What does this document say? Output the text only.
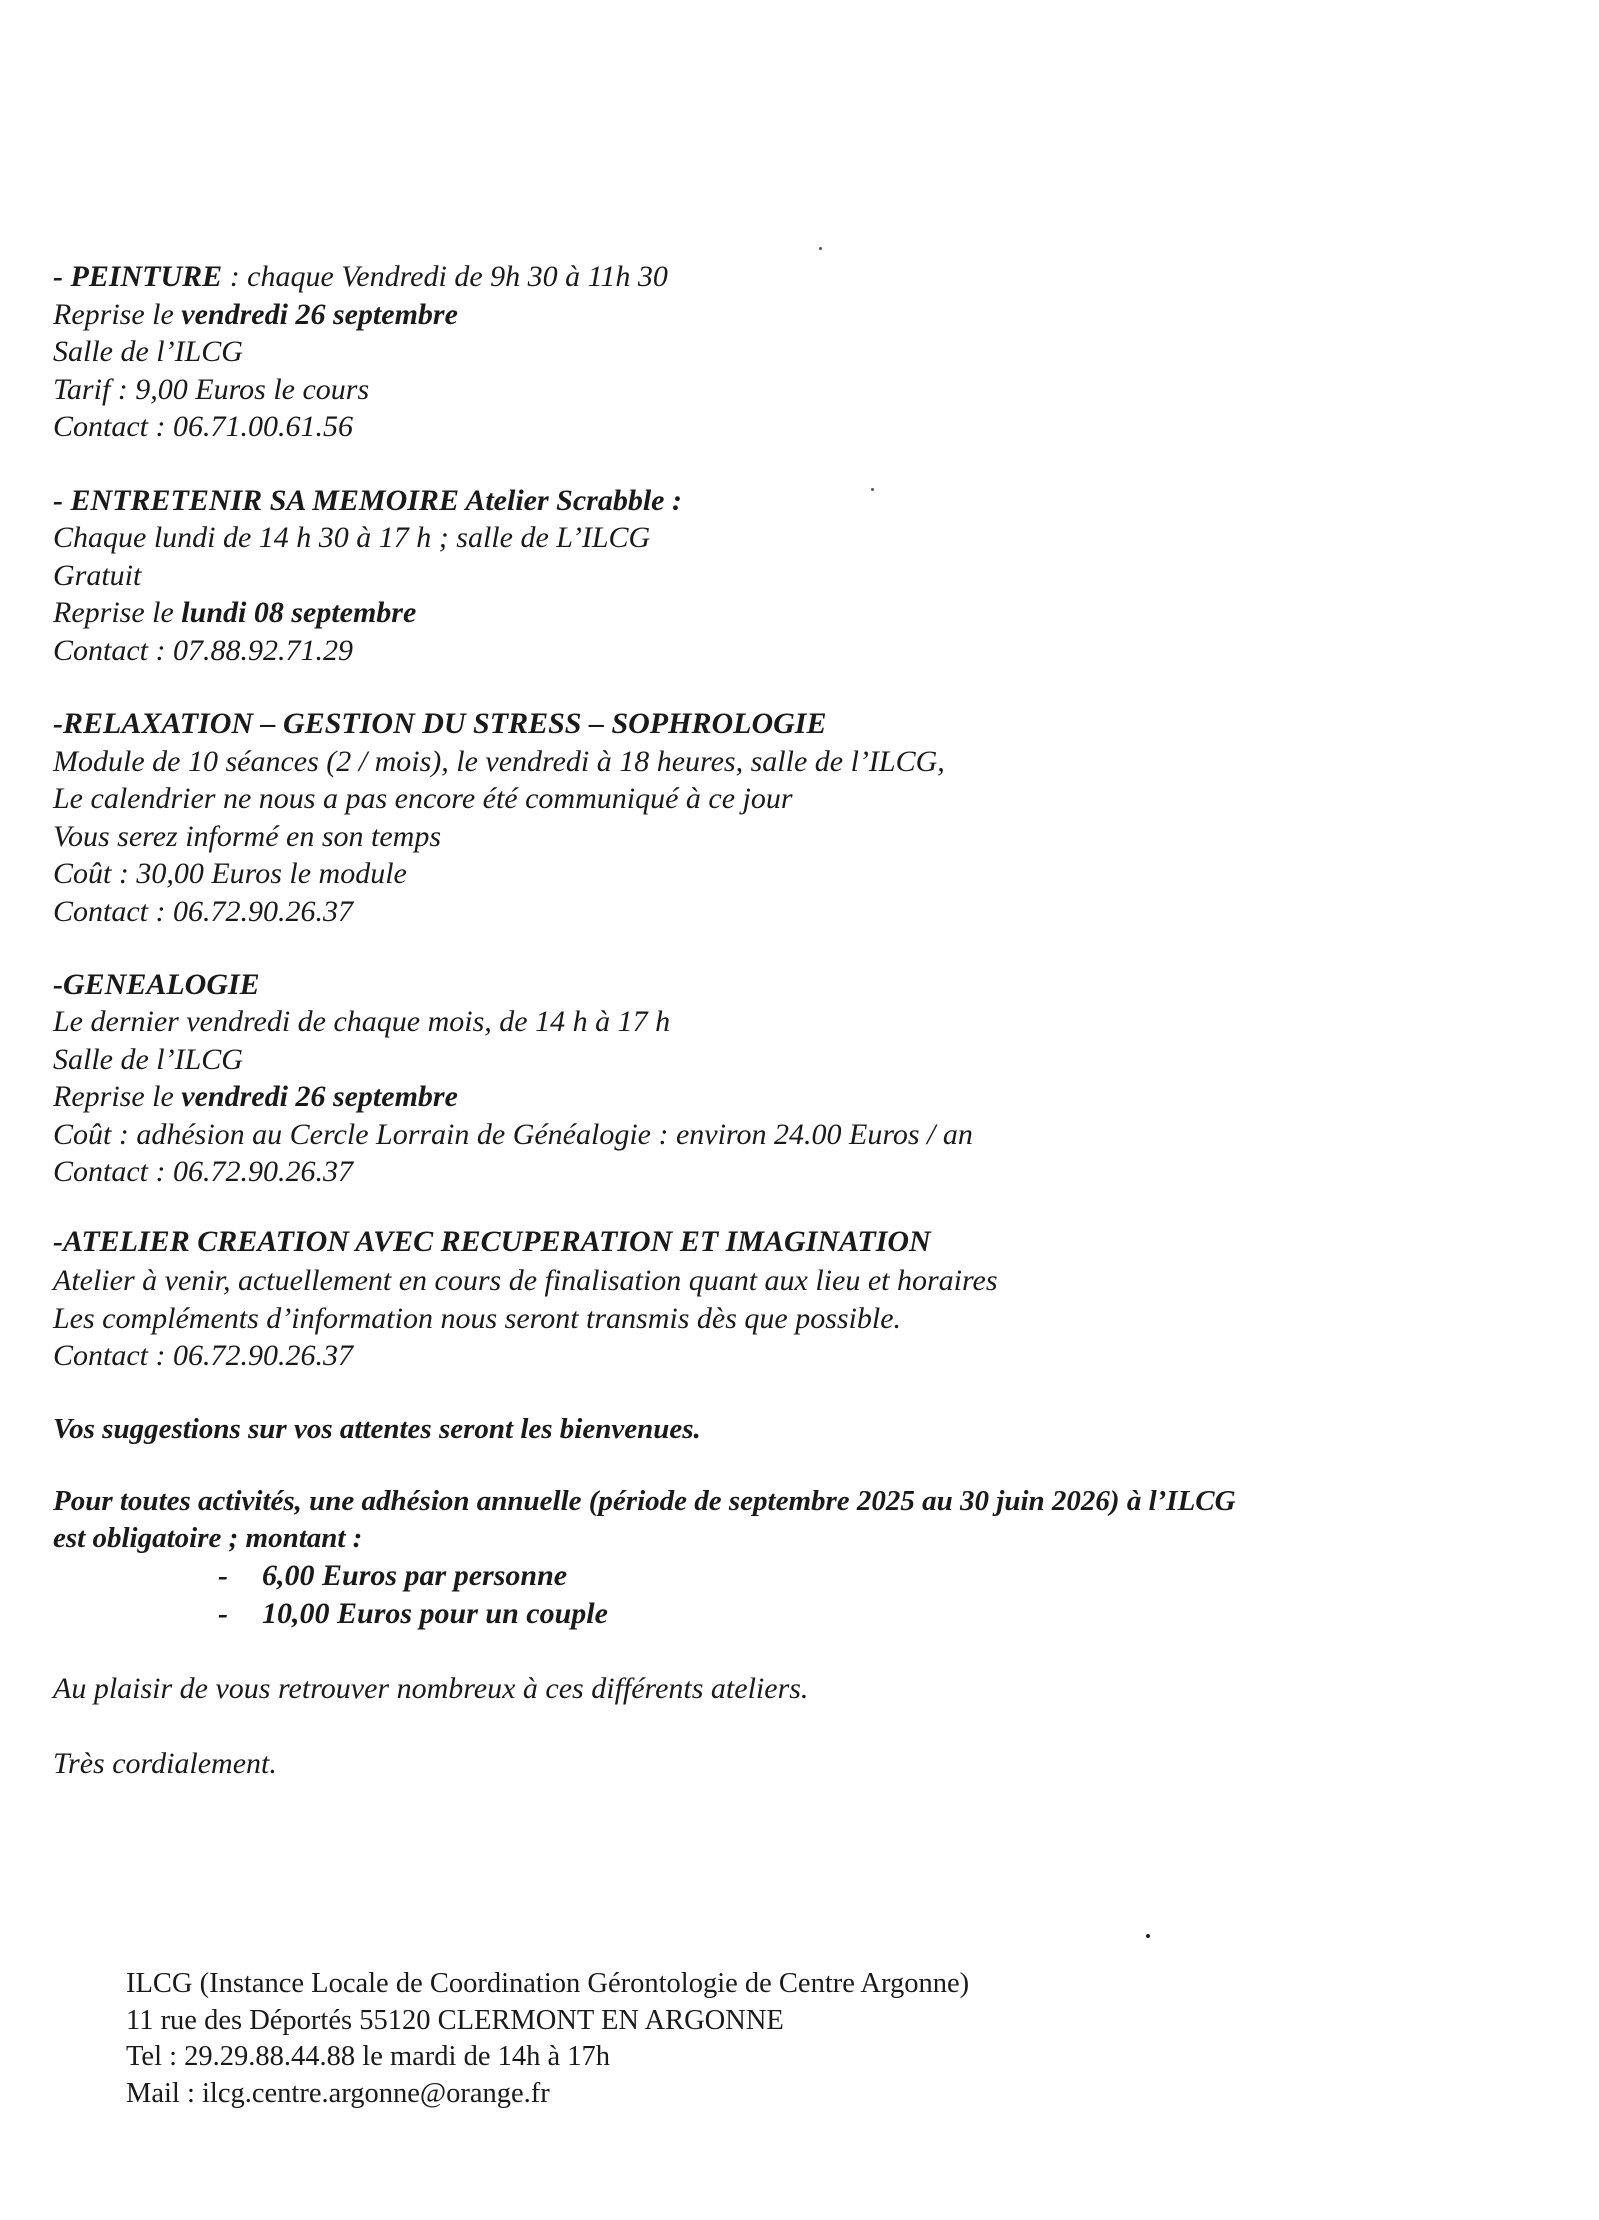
- PEINTURE : chaque Vendredi de 9h 30 à 11h 30
Reprise le vendredi 26 septembre
Salle de l’ILCG
Tarif : 9,00 Euros le cours
Contact : 06.71.00.61.56
- ENTRETENIR SA MEMOIRE Atelier Scrabble :
Chaque lundi de 14 h 30 à 17 h ; salle de L’ILCG
Gratuit
Reprise le lundi 08 septembre
Contact : 07.88.92.71.29
-RELAXATION – GESTION DU STRESS – SOPHROLOGIE
Module de 10 séances (2 / mois), le vendredi à 18 heures, salle de l’ILCG,
Le calendrier ne nous a pas encore été communiqué à ce jour
Vous serez informé en son temps
Coût : 30,00 Euros le module
Contact : 06.72.90.26.37
-GENEALOGIE
Le dernier vendredi de chaque mois, de 14 h à 17 h
Salle de l’ILCG
Reprise le vendredi 26 septembre
Coût : adhésion au Cercle Lorrain de Généalogie : environ 24.00 Euros / an
Contact : 06.72.90.26.37
-ATELIER CREATION AVEC RECUPERATION ET IMAGINATION
Atelier à venir, actuellement en cours de finalisation quant aux lieu et horaires
Les compléments d’information nous seront transmis dès que possible.
Contact : 06.72.90.26.37
Vos suggestions sur vos attentes seront les bienvenues.
Pour toutes activités, une adhésion annuelle (période de septembre 2025 au 30 juin 2026) à l’ILCG
est obligatoire ; montant :
- 6,00 Euros par personne
- 10,00 Euros pour un couple
Au plaisir de vous retrouver nombreux à ces différents ateliers.
Très cordialement.
ILCG (Instance Locale de Coordination Gérontologie de Centre Argonne)
11 rue des Déportés 55120 CLERMONT EN ARGONNE
Tel : 29.29.88.44.88 le mardi de 14h à 17h
Mail : ilcg.centre.argonne@orange.fr
